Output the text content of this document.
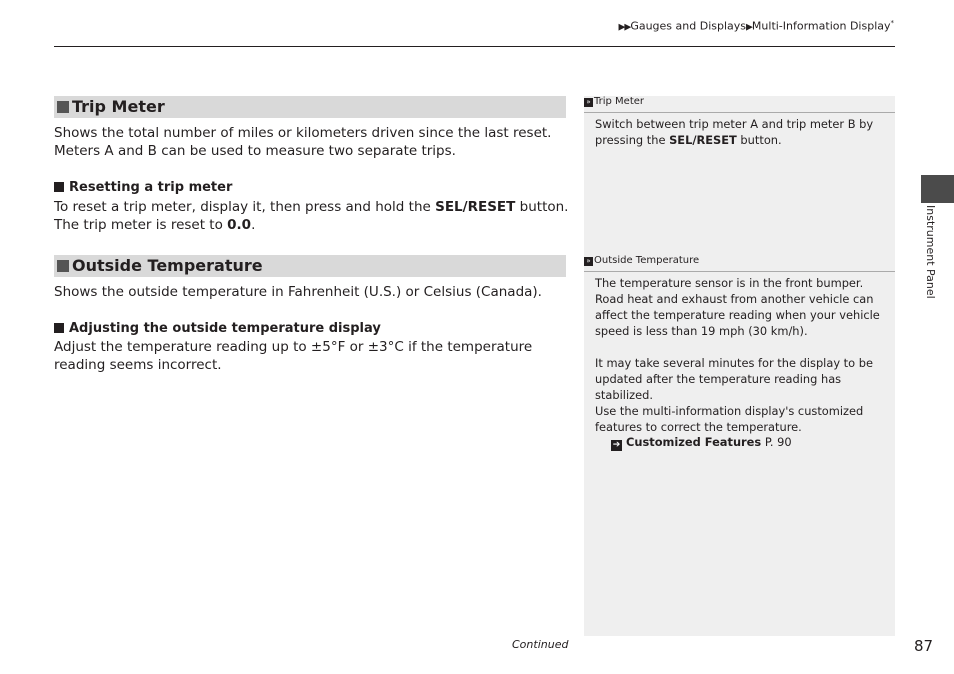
▶▶Gauges and Displays▶Multi-Information Display*
Instrument Panel
Trip Meter
Shows the total number of miles or kilometers driven since the last reset. Meters A and B can be used to measure two separate trips.
Resetting a trip meter
To reset a trip meter, display it, then press and hold the SEL/RESET button. The trip meter is reset to 0.0.
Outside Temperature
Shows the outside temperature in Fahrenheit (U.S.) or Celsius (Canada).
Adjusting the outside temperature display
Adjust the temperature reading up to ±5°F or ±3°C if the temperature reading seems incorrect.
» Trip Meter
Switch between trip meter A and trip meter B by pressing the SEL/RESET button.
» Outside Temperature
The temperature sensor is in the front bumper. Road heat and exhaust from another vehicle can affect the temperature reading when your vehicle speed is less than 19 mph (30 km/h).
It may take several minutes for the display to be updated after the temperature reading has stabilized.
Use the multi-information display's customized features to correct the temperature.
➔ Customized Features P. 90
Continued	87
